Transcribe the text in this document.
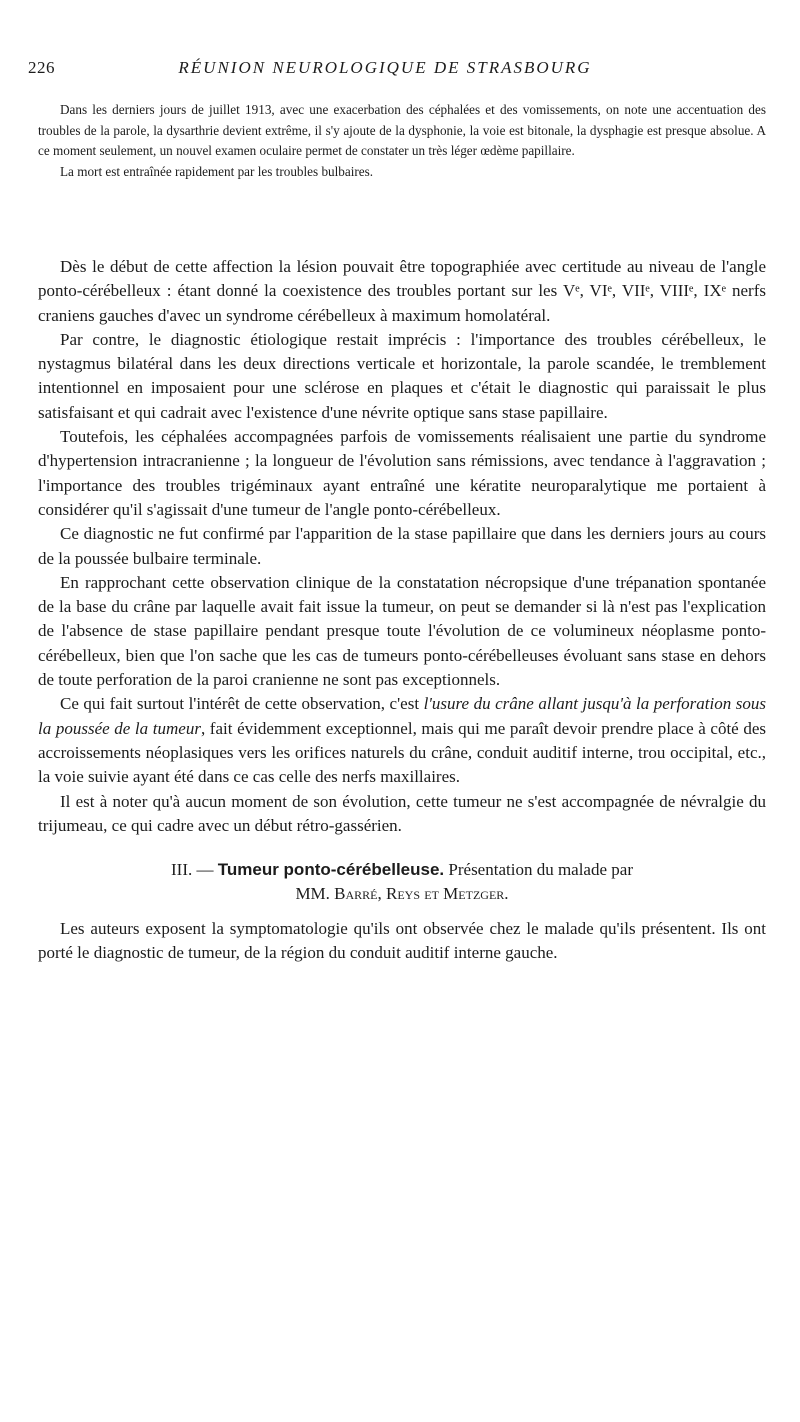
226	RÉUNION NEUROLOGIQUE DE STRASBOURG

Dans les derniers jours de juillet 1913, avec une exacerbation des céphalées et des vomissements, on note une accentuation des troubles de la parole, la dysarthrie devient extrême, il s'y ajoute de la dysphonie, la voie est bitonale, la dysphagie est presque absolue. A ce moment seulement, un nouvel examen oculaire permet de constater un très léger œdème papillaire.

La mort est entraînée rapidement par les troubles bulbaires.

Dès le début de cette affection la lésion pouvait être topographiée avec certitude au niveau de l'angle ponto-cérébelleux : étant donné la coexistence des troubles portant sur les Vᵉ, VIᵉ, VIIᵉ, VIIIᵉ, IXᵉ nerfs craniens gauches d'avec un syndrome cérébelleux à maximum homolatéral.

Par contre, le diagnostic étiologique restait imprécis : l'importance des troubles cérébelleux, le nystagmus bilatéral dans les deux directions verticale et horizontale, la parole scandée, le tremblement intentionnel en imposaient pour une sclérose en plaques et c'était le diagnostic qui paraissait le plus satisfaisant et qui cadrait avec l'existence d'une névrite optique sans stase papillaire.

Toutefois, les céphalées accompagnées parfois de vomissements réalisaient une partie du syndrome d'hypertension intracranienne ; la longueur de l'évolution sans rémissions, avec tendance à l'aggravation ; l'importance des troubles trigéminaux ayant entraîné une kératite neuroparalytique me portaient à considérer qu'il s'agissait d'une tumeur de l'angle ponto-cérébelleux.

Ce diagnostic ne fut confirmé par l'apparition de la stase papillaire que dans les derniers jours au cours de la poussée bulbaire terminale.

En rapprochant cette observation clinique de la constatation nécropsique d'une trépanation spontanée de la base du crâne par laquelle avait fait issue la tumeur, on peut se demander si là n'est pas l'explication de l'absence de stase papillaire pendant presque toute l'évolution de ce volumineux néoplasme ponto-cérébelleux, bien que l'on sache que les cas de tumeurs ponto-cérébelleuses évoluant sans stase en dehors de toute perforation de la paroi cranienne ne sont pas exceptionnels.

Ce qui fait surtout l'intérêt de cette observation, c'est l'usure du crâne allant jusqu'à la perforation sous la poussée de la tumeur, fait évidemment exceptionnel, mais qui me paraît devoir prendre place à côté des accroissements néoplasiques vers les orifices naturels du crâne, conduit auditif interne, trou occipital, etc., la voie suivie ayant été dans ce cas celle des nerfs maxillaires.

Il est à noter qu'à aucun moment de son évolution, cette tumeur ne s'est accompagnée de névralgie du trijumeau, ce qui cadre avec un début rétro-gassérien.

III. — Tumeur ponto-cérébelleuse. Présentation du malade par
MM. Barré, Reys et Metzger.

Les auteurs exposent la symptomatologie qu'ils ont observée chez le malade qu'ils présentent. Ils ont porté le diagnostic de tumeur, de la région du conduit auditif interne gauche.
